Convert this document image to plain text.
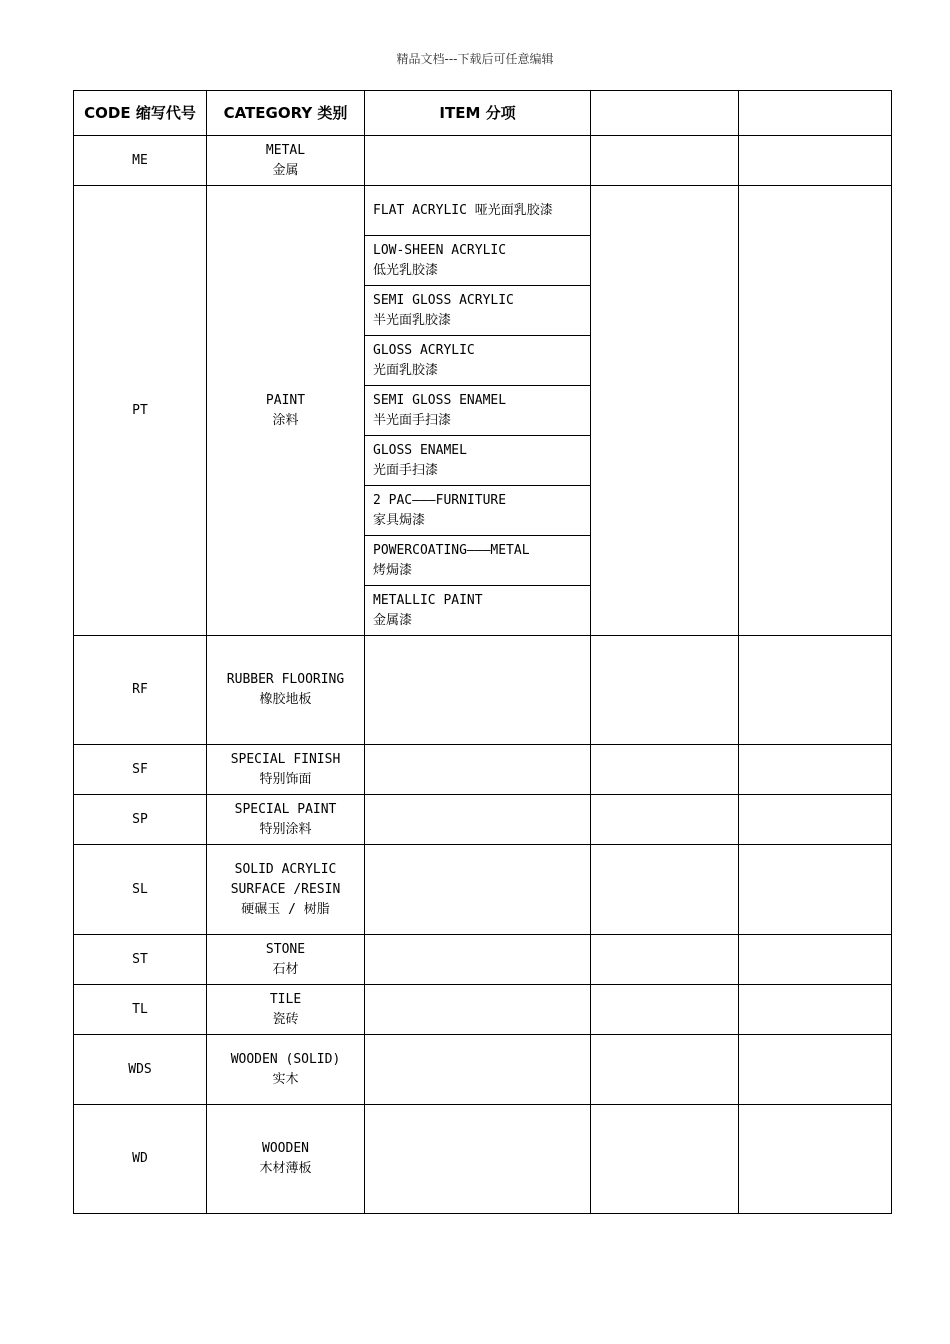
精品文档---下载后可任意编辑
CODE 缩写代号	CATEGORY 类别	ITEM 分项		
ME	METAL
金属			

PT	PAINT
涂料	FLAT ACRYLIC 哑光面乳胶漆		

		LOW-SHEEN ACRYLIC
低光乳胶漆		

		SEMI GLOSS ACRYLIC
半光面乳胶漆		

		GLOSS ACRYLIC
光面乳胶漆		

		SEMI GLOSS ENAMEL
半光面手扫漆		

		GLOSS ENAMEL
光面手扫漆		

		2 PAC———FURNITURE
家具焗漆		

		POWERCOATING———METAL
烤焗漆		

		METALLIC PAINT
金属漆		

RF	RUBBER FLOORING
橡胶地板			

SF	SPECIAL FINISH
特别饰面			

SP	SPECIAL PAINT
特别涂料			

SL	SOLID ACRYLIC
SURFACE /RESIN
硬碾玉 / 树脂			

ST	STONE
石材			

TL	TILE
瓷砖			

WDS	WOODEN (SOLID)
实木			

WD	WOODEN
木材薄板			
